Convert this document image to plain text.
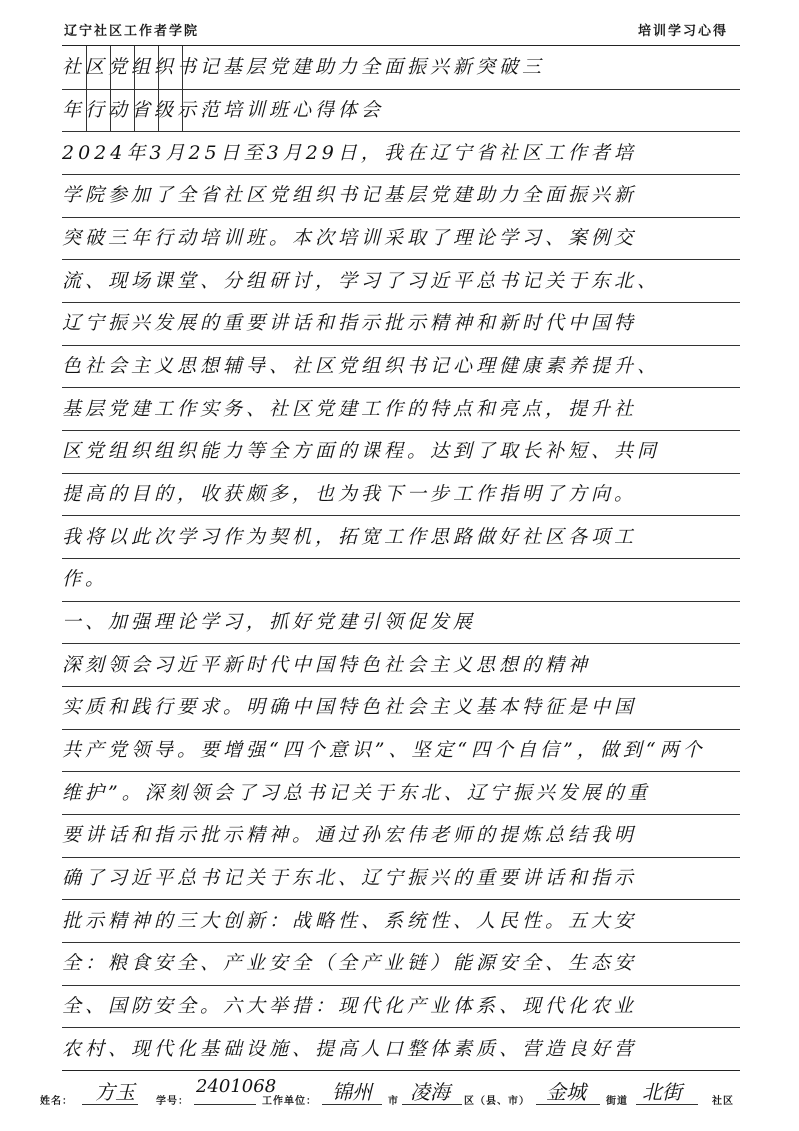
辽宁社区工作者学院	培训学习心得
社区党组织书记基层党建助力全面振兴新突破三
年行动省级示范培训班心得体会
2024年3月25日至3月29日，我在辽宁省社区工作者培
学院参加了全省社区党组织书记基层党建助力全面振兴新
突破三年行动培训班。本次培训采取了理论学习、案例交
流、现场课堂、分组研讨，学习了习近平总书记关于东北、
辽宁振兴发展的重要讲话和指示批示精神和新时代中国特
色社会主义思想辅导、社区党组织书记心理健康素养提升、
基层党建工作实务、社区党建工作的特点和亮点，提升社
区党组织组织能力等全方面的课程。达到了取长补短、共同
提高的目的，收获颇多，也为我下一步工作指明了方向。
我将以此次学习作为契机，拓宽工作思路做好社区各项工
作。
一、加强理论学习，抓好党建引领促发展
深刻领会习近平新时代中国特色社会主义思想的精神
实质和践行要求。明确中国特色社会主义基本特征是中国
共产党领导。要增强“四个意识”、坚定“四个自信”，做到“两个
维护”。深刻领会了习总书记关于东北、辽宁振兴发展的重
要讲话和指示批示精神。通过孙宏伟老师的提炼总结我明
确了习近平总书记关于东北、辽宁振兴的重要讲话和指示
批示精神的三大创新：战略性、系统性、人民性。五大安
全：粮食安全、产业安全（全产业链）能源安全、生态安
全、国防安全。六大举措：现代化产业体系、现代化农业
农村、现代化基础设施、提高人口整体素质、营造良好营
姓名： 方玉 学号：
2401068
工作单位： 锦州 市 凌海 区（县、市） 金城 街道 北街	社区
